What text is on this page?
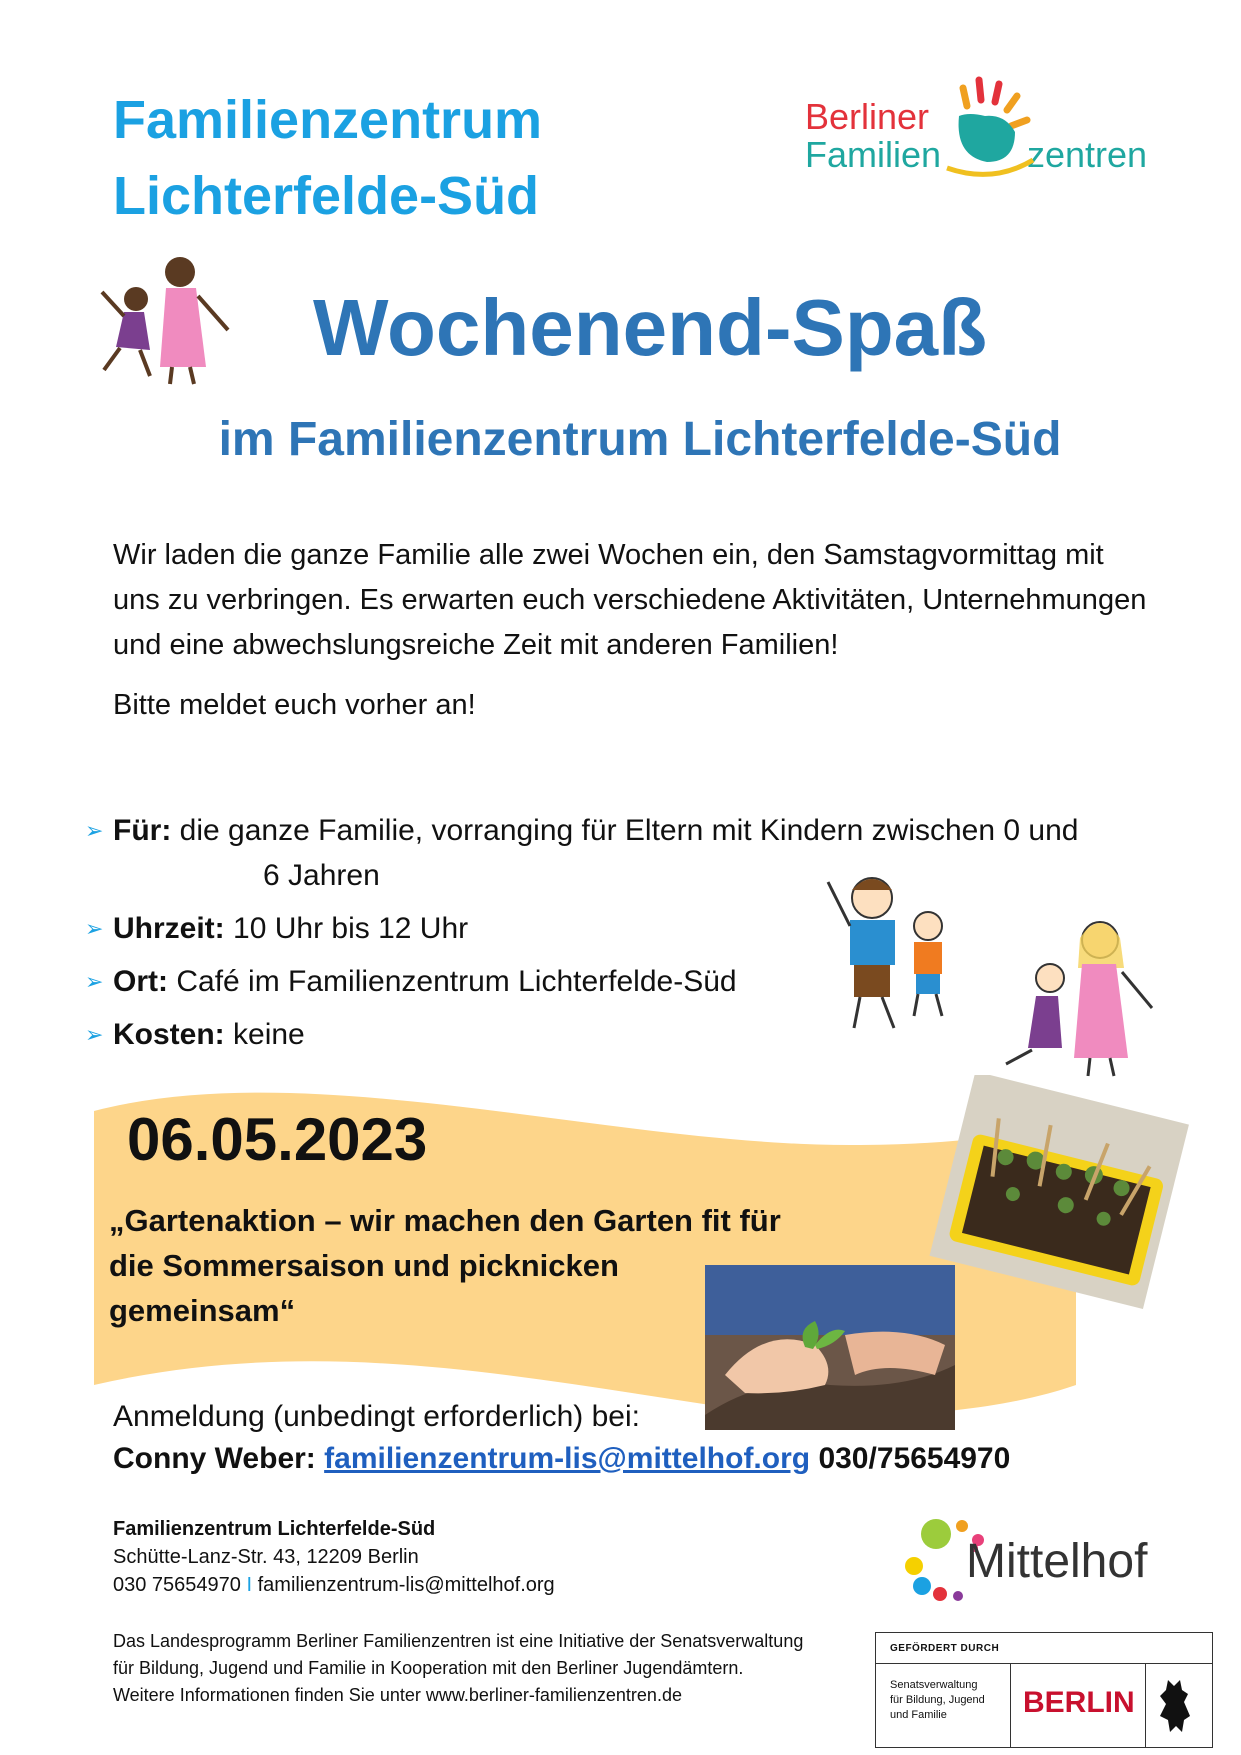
Familienzentrum
Lichterfelde-Süd
Berliner
Familien zentren
Wochenend-Spaß
im Familienzentrum Lichterfelde-Süd

Wir laden die ganze Familie alle zwei Wochen ein, den Samstagvormittag mit uns zu verbringen. Es erwarten euch verschiedene Aktivitäten, Unternehmungen und eine abwechslungsreiche Zeit mit anderen Familien!

Bitte meldet euch vorher an!

➢ Für: die ganze Familie, vorranging für Eltern mit Kindern zwischen 0 und
6 Jahren
➢ Uhrzeit: 10 Uhr bis 12 Uhr
➢ Ort: Café im Familienzentrum Lichterfelde-Süd
➢ Kosten: keine
06.05.2023
„Gartenaktion – wir machen den Garten fit für
die Sommersaison und picknicken
gemeinsam“
Anmeldung (unbedingt erforderlich) bei:
Conny Weber: familienzentrum-lis@mittelhof.org 030/75654970
Familienzentrum Lichterfelde-Süd
Schütte-Lanz-Str. 43, 12209 Berlin
030 75654970 I familienzentrum-lis@mittelhof.org
Das Landesprogramm Berliner Familienzentren ist eine Initiative der Senatsverwaltung
für Bildung, Jugend und Familie in Kooperation mit den Berliner Jugendämtern.
Weitere Informationen finden Sie unter www.berliner-familienzentren.de
Mittelhof
GEFÖRDERT DURCH
Senatsverwaltung
für Bildung, Jugend
und Familie	BERLIN
